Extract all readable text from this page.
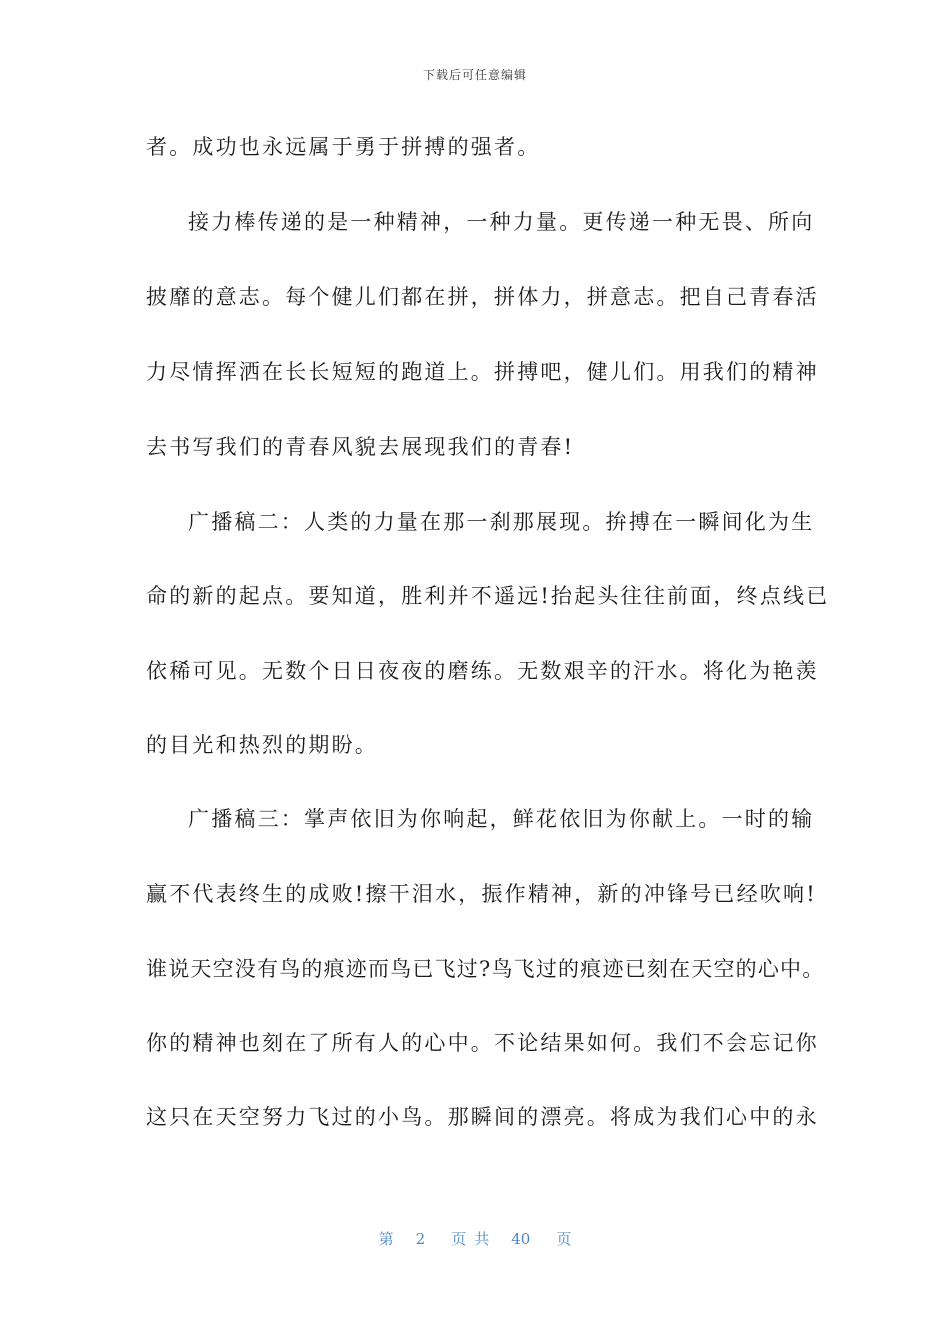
下载后可任意编辑
者。成功也永远属于勇于拼搏的强者。
接力棒传递的是一种精神，一种力量。更传递一种无畏、所向
披靡的意志。每个健儿们都在拼，拼体力，拼意志。把自己青春活
力尽情挥洒在长长短短的跑道上。拼搏吧，健儿们。用我们的精神
去书写我们的青春风貌去展现我们的青春!
广播稿二：人类的力量在那一刹那展现。拚搏在一瞬间化为生
命的新的起点。要知道，胜利并不遥远!抬起头往往前面，终点线已
依稀可见。无数个日日夜夜的磨练。无数艰辛的汗水。将化为艳羡
的目光和热烈的期盼。
广播稿三：掌声依旧为你响起，鲜花依旧为你献上。一时的输
赢不代表终生的成败!擦干泪水，振作精神，新的冲锋号已经吹响!
谁说天空没有鸟的痕迹而鸟已飞过?鸟飞过的痕迹已刻在天空的心中。
你的精神也刻在了所有人的心中。不论结果如何。我们不会忘记你
这只在天空努力飞过的小鸟。那瞬间的漂亮。将成为我们心中的永
第 2 页共 40 页
